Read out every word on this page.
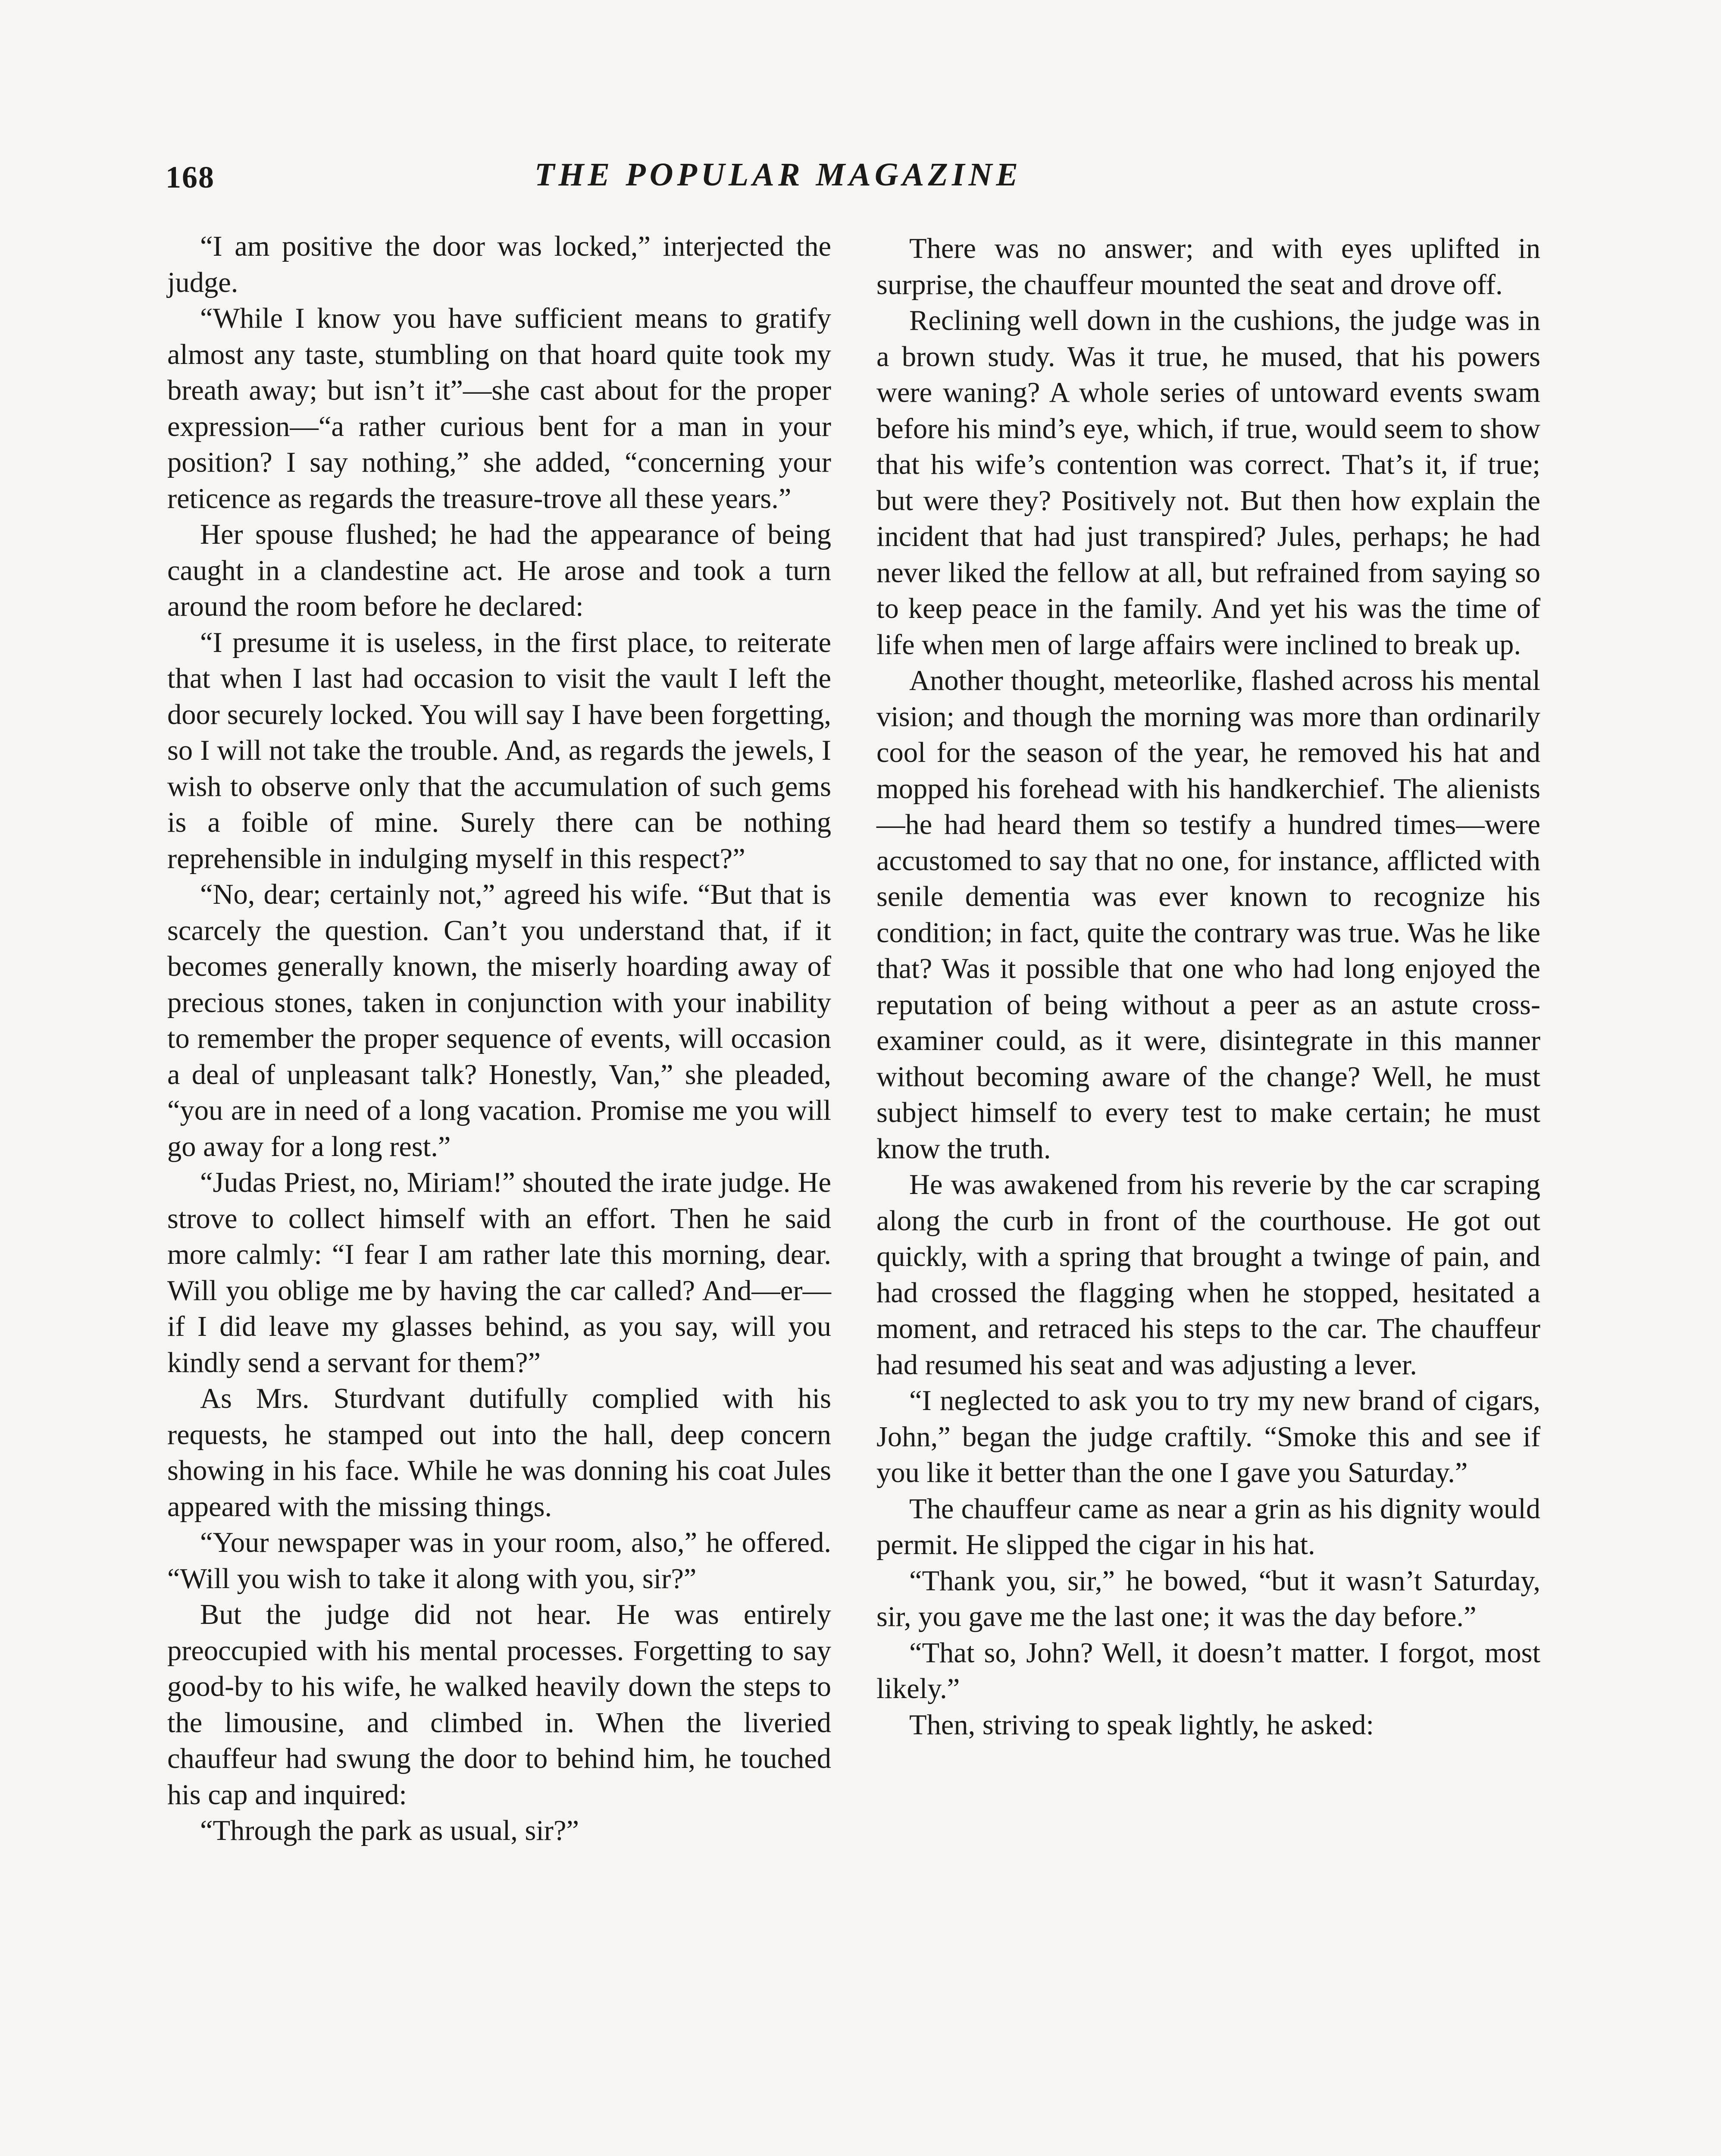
168	THE POPULAR MAGAZINE

“I am positive the door was locked,” interjected the judge.

“While I know you have sufficient means to gratify almost any taste, stumbling on that hoard quite took my breath away; but isn’t it”—she cast about for the proper expression—“a rather curious bent for a man in your position? I say nothing,” she added, “concerning your reticence as regards the treasure-trove all these years.”

Her spouse flushed; he had the appearance of being caught in a clandestine act. He arose and took a turn around the room before he declared:

“I presume it is useless, in the first place, to reiterate that when I last had occasion to visit the vault I left the door securely locked. You will say I have been forgetting, so I will not take the trouble. And, as regards the jewels, I wish to observe only that the accumulation of such gems is a foible of mine. Surely there can be nothing reprehensible in indulging myself in this respect?”

“No, dear; certainly not,” agreed his wife. “But that is scarcely the question. Can’t you understand that, if it becomes generally known, the miserly hoarding away of precious stones, taken in conjunction with your inability to remember the proper sequence of events, will occasion a deal of unpleasant talk? Honestly, Van,” she pleaded, “you are in need of a long vacation. Promise me you will go away for a long rest.”

“Judas Priest, no, Miriam!” shouted the irate judge. He strove to collect himself with an effort. Then he said more calmly: “I fear I am rather late this morning, dear. Will you oblige me by having the car called? And—er—if I did leave my glasses behind, as you say, will you kindly send a servant for them?”

As Mrs. Sturdvant dutifully complied with his requests, he stamped out into the hall, deep concern showing in his face. While he was donning his coat Jules appeared with the missing things.

“Your newspaper was in your room, also,” he offered. “Will you wish to take it along with you, sir?”

But the judge did not hear. He was entirely preoccupied with his mental processes. Forgetting to say good-by to his wife, he walked heavily down the steps to the limousine, and climbed in. When the liveried chauffeur had swung the door to behind him, he touched his cap and inquired:

“Through the park as usual, sir?”

There was no answer; and with eyes uplifted in surprise, the chauffeur mounted the seat and drove off.

Reclining well down in the cushions, the judge was in a brown study. Was it true, he mused, that his powers were waning? A whole series of untoward events swam before his mind’s eye, which, if true, would seem to show that his wife’s contention was correct. That’s it, if true; but were they? Positively not. But then how explain the incident that had just transpired? Jules, perhaps; he had never liked the fellow at all, but refrained from saying so to keep peace in the family. And yet his was the time of life when men of large affairs were inclined to break up.

Another thought, meteorlike, flashed across his mental vision; and though the morning was more than ordinarily cool for the season of the year, he removed his hat and mopped his forehead with his handkerchief. The alienists—he had heard them so testify a hundred times—were accustomed to say that no one, for instance, afflicted with senile dementia was ever known to recognize his condition; in fact, quite the contrary was true. Was he like that? Was it possible that one who had long enjoyed the reputation of being without a peer as an astute cross-examiner could, as it were, disintegrate in this manner without becoming aware of the change? Well, he must subject himself to every test to make certain; he must know the truth.

He was awakened from his reverie by the car scraping along the curb in front of the courthouse. He got out quickly, with a spring that brought a twinge of pain, and had crossed the flagging when he stopped, hesitated a moment, and retraced his steps to the car. The chauffeur had resumed his seat and was adjusting a lever.

“I neglected to ask you to try my new brand of cigars, John,” began the judge craftily. “Smoke this and see if you like it better than the one I gave you Saturday.”

The chauffeur came as near a grin as his dignity would permit. He slipped the cigar in his hat.

“Thank you, sir,” he bowed, “but it wasn’t Saturday, sir, you gave me the last one; it was the day before.”

“That so, John? Well, it doesn’t matter. I forgot, most likely.”

Then, striving to speak lightly, he asked:
